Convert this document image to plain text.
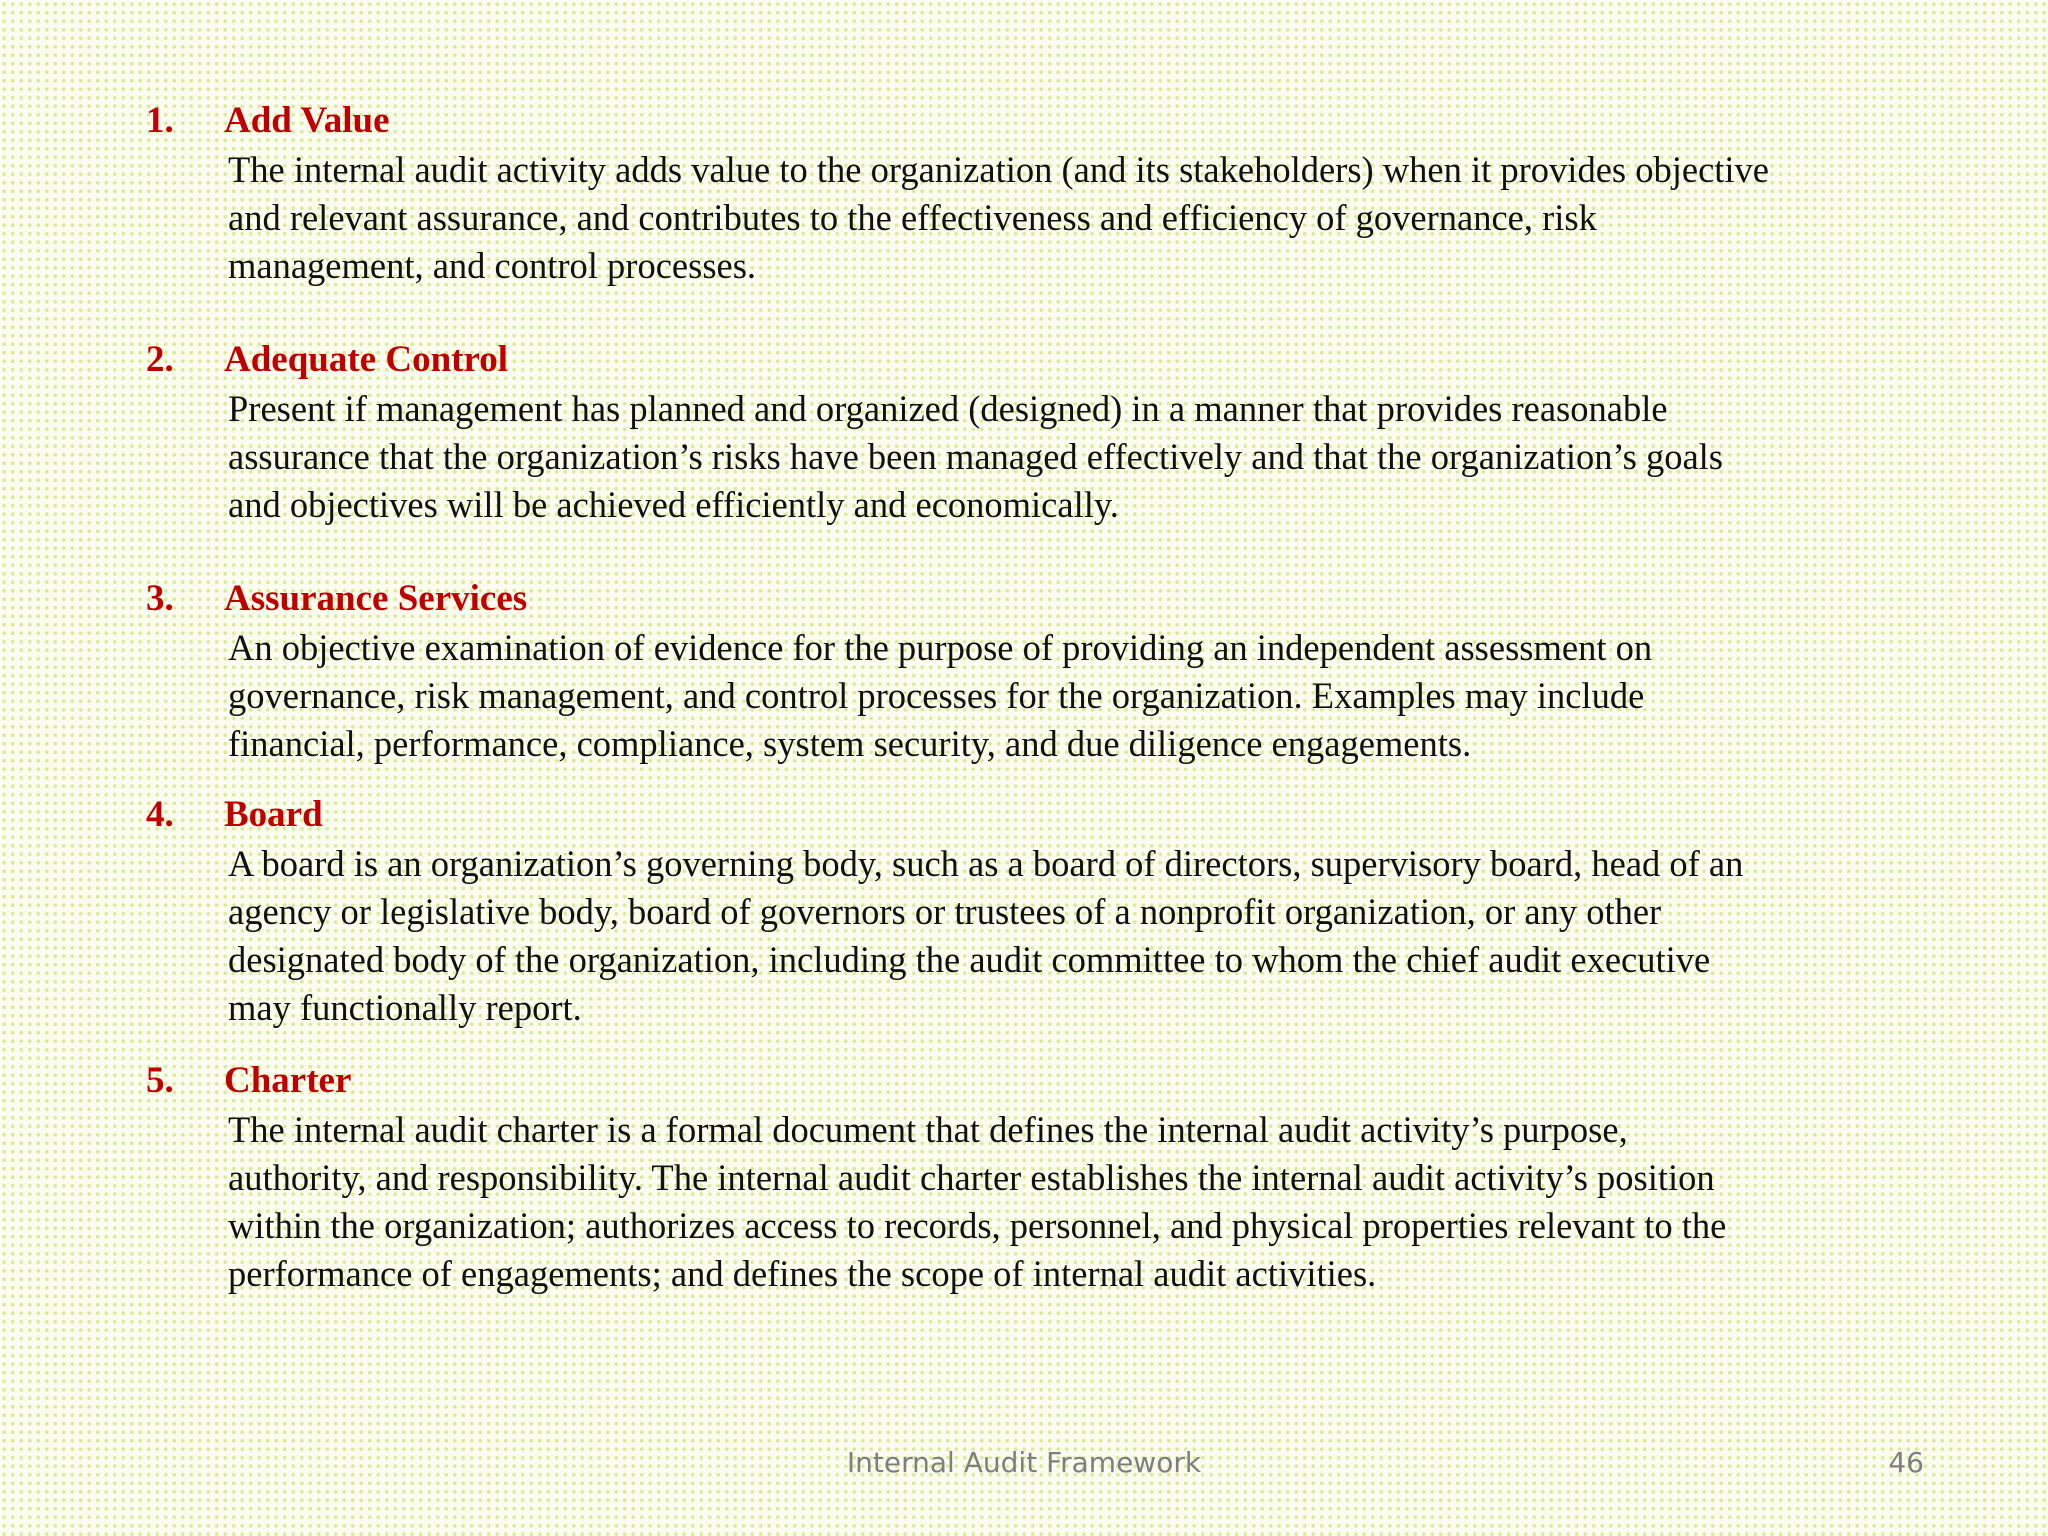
1. Add Value
The internal audit activity adds value to the organization (and its stakeholders) when it provides objective
and relevant assurance, and contributes to the effectiveness and efficiency of governance, risk
management, and control processes.
2. Adequate Control
Present if management has planned and organized (designed) in a manner that provides reasonable
assurance that the organization’s risks have been managed effectively and that the organization’s goals
and objectives will be achieved efficiently and economically.
3. Assurance Services
An objective examination of evidence for the purpose of providing an independent assessment on
governance, risk management, and control processes for the organization. Examples may include
financial, performance, compliance, system security, and due diligence engagements.
4. Board
A board is an organization’s governing body, such as a board of directors, supervisory board, head of an
agency or legislative body, board of governors or trustees of a nonprofit organization, or any other
designated body of the organization, including the audit committee to whom the chief audit executive
may functionally report.
5. Charter
The internal audit charter is a formal document that defines the internal audit activity’s purpose,
authority, and responsibility. The internal audit charter establishes the internal audit activity’s position
within the organization; authorizes access to records, personnel, and physical properties relevant to the
performance of engagements; and defines the scope of internal audit activities.
Internal Audit Framework	46
